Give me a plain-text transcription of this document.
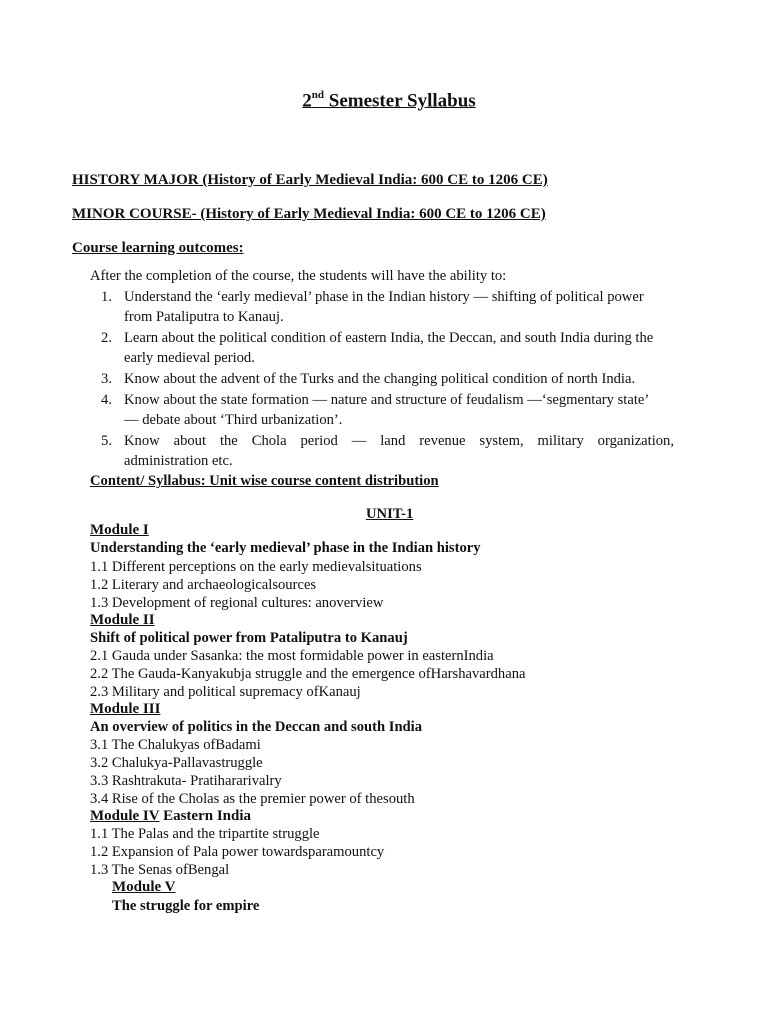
2nd Semester Syllabus
HISTORY MAJOR (History of Early Medieval India: 600 CE to 1206 CE)
MINOR COURSE- (History of Early Medieval India: 600 CE to 1206 CE)
Course learning outcomes:
After the completion of the course, the students will have the ability to:
1. Understand the ‘early medieval’ phase in the Indian history — shifting of political power
from Pataliputra to Kanauj.
2. Learn about the political condition of eastern India, the Deccan, and south India during the
early medieval period.
3. Know about the advent of the Turks and the changing political condition of north India.
4. Know about the state formation — nature and structure of feudalism —‘segmentary state’
— debate about ‘Third urbanization’.
5. Know about the Chola period — land revenue system, military organization,
administration etc.
Content/ Syllabus: Unit wise course content distribution
UNIT-1
Module I
Understanding the ‘early medieval’ phase in the Indian history
1.1 Different perceptions on the early medievalsituations
1.2 Literary and archaeologicalsources
1.3 Development of regional cultures: anoverview
Module II
Shift of political power from Pataliputra to Kanauj
2.1 Gauda under Sasanka: the most formidable power in easternIndia
2.2 The Gauda-Kanyakubja struggle and the emergence ofHarshavardhana
2.3 Military and political supremacy ofKanauj
Module III
An overview of politics in the Deccan and south India
3.1 The Chalukyas ofBadami
3.2 Chalukya-Pallavastruggle
3.3 Rashtrakuta- Pratihararivalry
3.4 Rise of the Cholas as the premier power of thesouth
Module IV Eastern India
1.1 The Palas and the tripartite struggle
1.2 Expansion of Pala power towardsparamountcy
1.3 The Senas ofBengal
Module V
The struggle for empire
